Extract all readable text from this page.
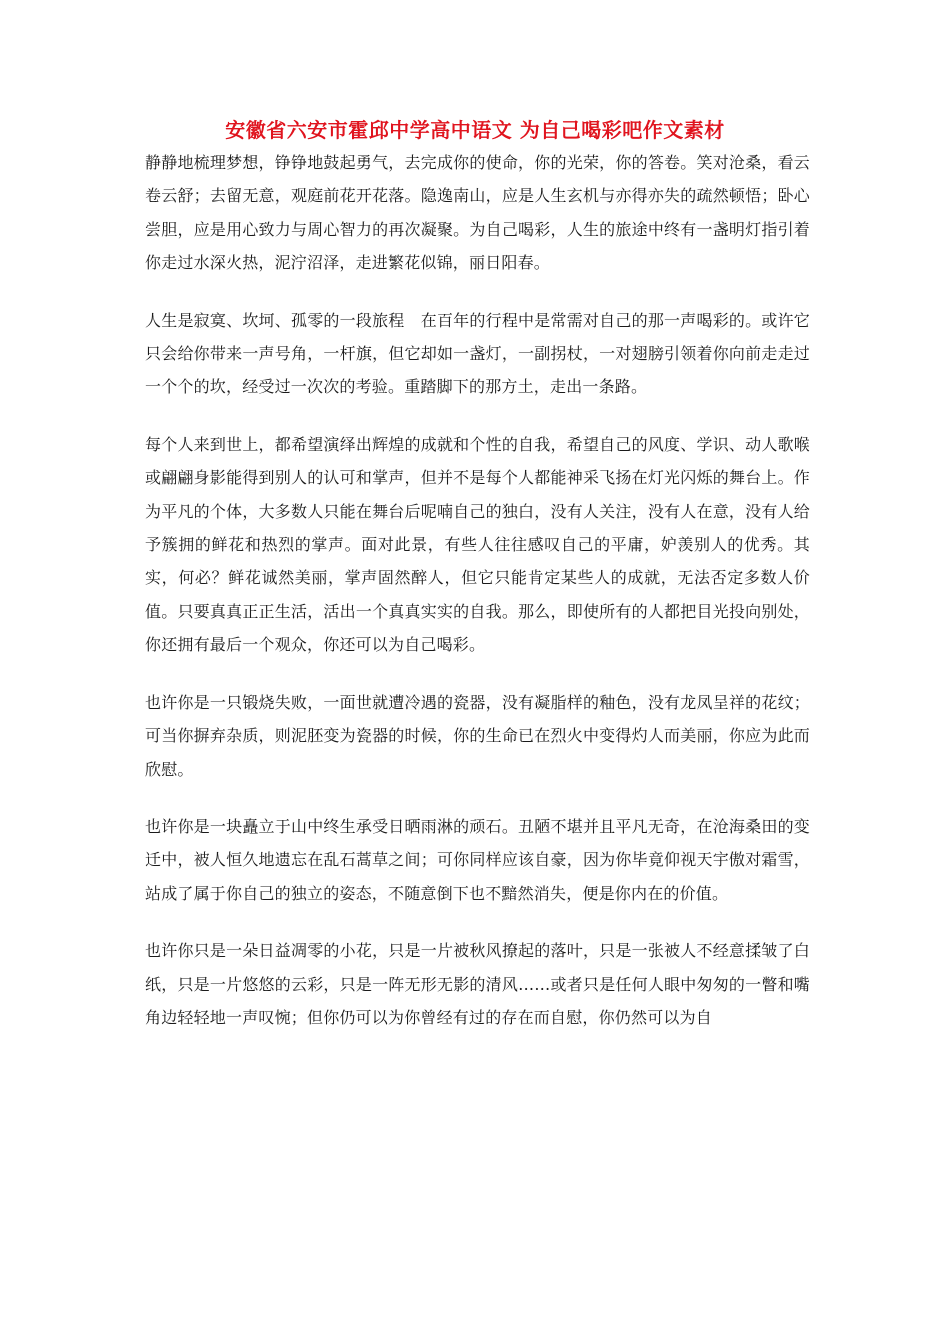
安徽省六安市霍邱中学高中语文 为自己喝彩吧作文素材

静静地梳理梦想，铮铮地鼓起勇气，去完成你的使命，你的光荣，你的答卷。笑对沧桑，看云卷云舒；去留无意，观庭前花开花落。隐逸南山，应是人生玄机与亦得亦失的疏然顿悟；卧心尝胆，应是用心致力与周心智力的再次凝聚。为自己喝彩，人生的旅途中终有一盏明灯指引着你走过水深火热，泥泞沼泽，走进繁花似锦，丽日阳春。

人生是寂寞、坎坷、孤零的一段旅程　在百年的行程中是常需对自己的那一声喝彩的。或许它只会给你带来一声号角，一杆旗，但它却如一盏灯，一副拐杖，一对翅膀引领着你向前走走过一个个的坎，经受过一次次的考验。重踏脚下的那方土，走出一条路。

每个人来到世上，都希望演绎出辉煌的成就和个性的自我，希望自己的风度、学识、动人歌喉或翩翩身影能得到别人的认可和掌声，但并不是每个人都能神采飞扬在灯光闪烁的舞台上。作为平凡的个体，大多数人只能在舞台后呢喃自己的独白，没有人关注，没有人在意，没有人给予簇拥的鲜花和热烈的掌声。面对此景，有些人往往感叹自己的平庸，妒羡别人的优秀。其实，何必？鲜花诚然美丽，掌声固然醉人，但它只能肯定某些人的成就，无法否定多数人价值。只要真真正正生活，活出一个真真实实的自我。那么，即使所有的人都把目光投向别处，你还拥有最后一个观众，你还可以为自己喝彩。

也许你是一只锻烧失败，一面世就遭冷遇的瓷器，没有凝脂样的釉色，没有龙凤呈祥的花纹；可当你摒弃杂质，则泥胚变为瓷器的时候，你的生命已在烈火中变得灼人而美丽，你应为此而欣慰。

也许你是一块矗立于山中终生承受日晒雨淋的顽石。丑陋不堪并且平凡无奇，在沧海桑田的变迁中，被人恒久地遗忘在乱石蒿草之间；可你同样应该自豪，因为你毕竟仰视天宇傲对霜雪，站成了属于你自己的独立的姿态，不随意倒下也不黯然消失，便是你内在的价值。

也许你只是一朵日益凋零的小花，只是一片被秋风撩起的落叶，只是一张被人不经意揉皱了白纸，只是一片悠悠的云彩，只是一阵无形无影的清风……或者只是任何人眼中匆匆的一瞥和嘴角边轻轻地一声叹惋；但你仍可以为你曾经有过的存在而自慰，你仍然可以为自
